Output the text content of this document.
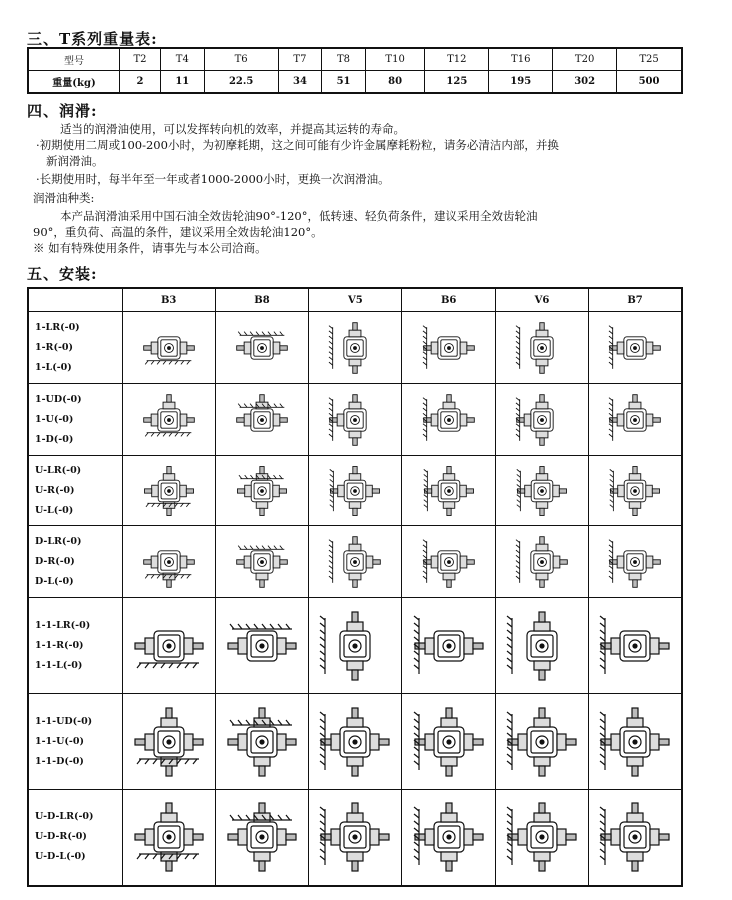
三、T系列重量表:
型号	T2	T4	T6	T7	T8	T10	T12	T16	T20	T25
重量(kg)	2	11	22.5	34	51	80	125	195	302	500
四、润滑:
适当的润滑油使用，可以发挥转向机的效率，并提高其运转的寿命。
·初期使用二周或100-200小时，为初摩耗期，这之间可能有少许金属摩耗粉粒，请务必清洁内部，并换
新润滑油。
·长期使用时，每半年至一年或者1000-2000小时，更换一次润滑油。
润滑油种类:
本产品润滑油采用中国石油全效齿轮油90°-120°，低转速、轻负荷条件，建议采用全效齿轮油
90°，重负荷、高温的条件，建议采用全效齿轮油120°。
※ 如有特殊使用条件，请事先与本公司洽商。
五、安装:
	B3	B8	V5	B6	V6	B7

1-LR(-0)
1-R(-0)
1-L(-0)

1-UD(-0)
1-U(-0)
1-D(-0)

U-LR(-0)
U-R(-0)
U-L(-0)

D-LR(-0)
D-R(-0)
D-L(-0)

1-1-LR(-0)
1-1-R(-0)
1-1-L(-0)

1-1-UD(-0)
1-1-U(-0)
1-1-D(-0)

U-D-LR(-0)
U-D-R(-0)
U-D-L(-0)
